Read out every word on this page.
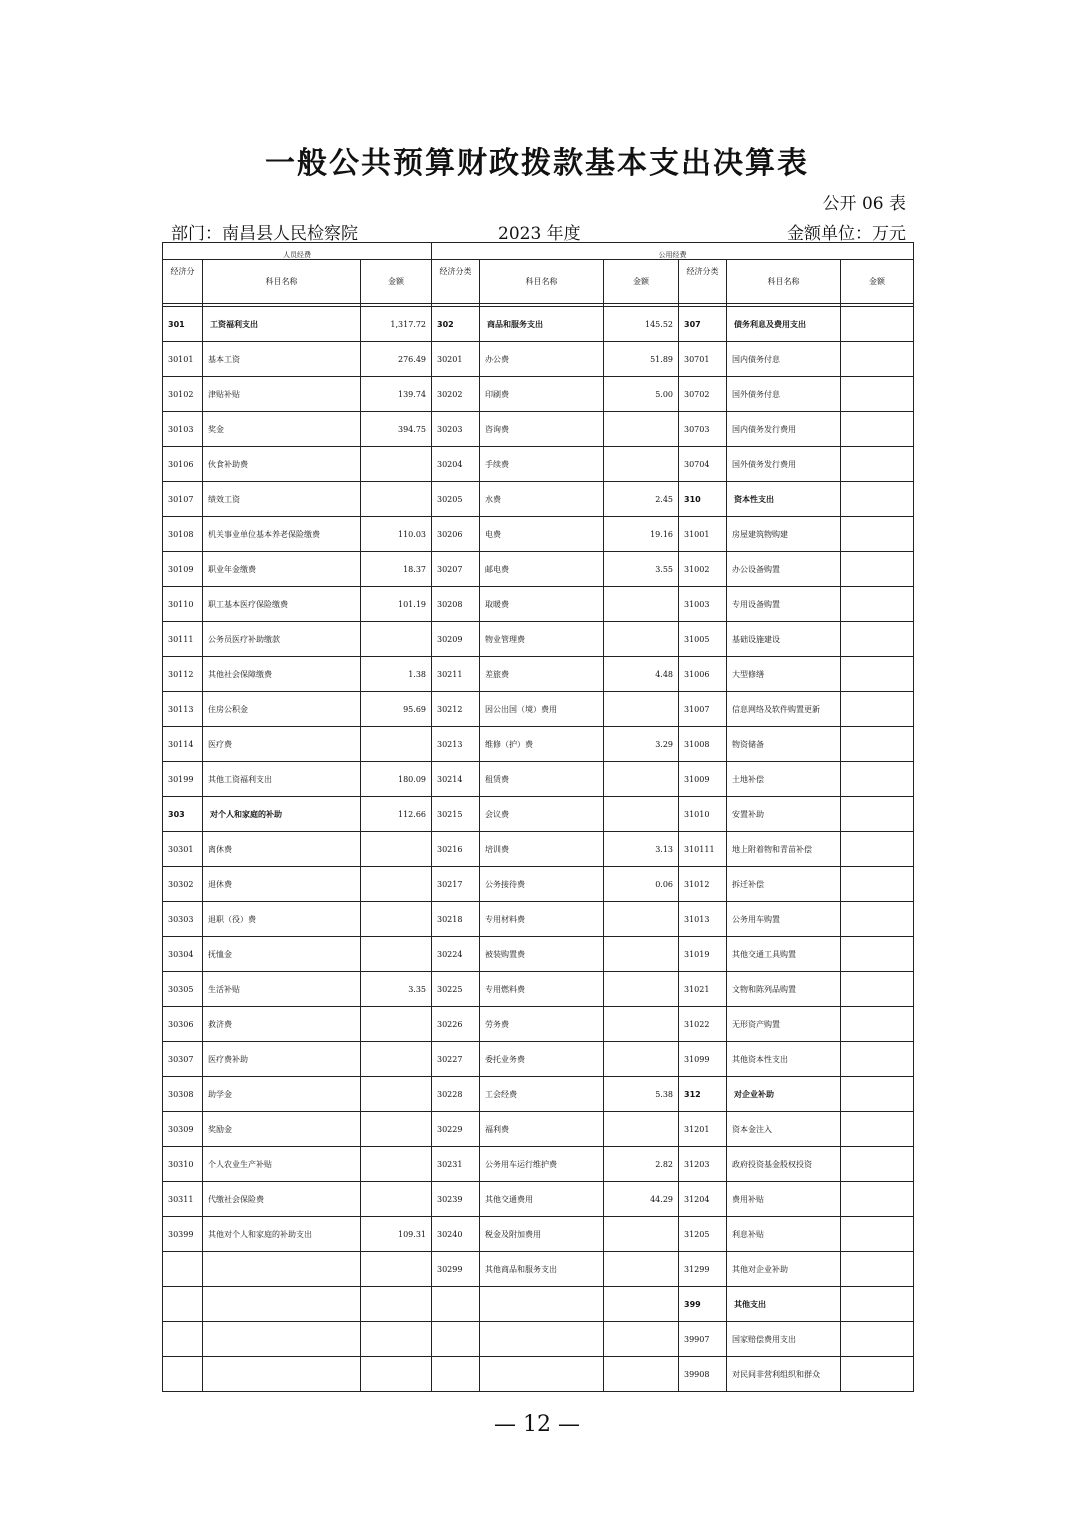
一般公共预算财政拨款基本支出决算表
公开 06 表
部门：南昌县人民检察院	2023 年度	金额单位：万元
人员经费			公用经费					
经济分	科目名称	金额	经济分类	科目名称	金额	经济分类	科目名称	金额

301	工资福利支出	1,317.72	302	商品和服务支出	145.52	307	债务利息及费用支出	
30101	基本工资	276.49	30201	办公费	51.89	30701	国内债务付息	
30102	津贴补贴	139.74	30202	印刷费	5.00	30702	国外债务付息	
30103	奖金	394.75	30203	咨询费		30703	国内债务发行费用	
30106	伙食补助费		30204	手续费		30704	国外债务发行费用	
30107	绩效工资		30205	水费	2.45	310	资本性支出	
30108	机关事业单位基本养老保险缴费	110.03	30206	电费	19.16	31001	房屋建筑物购建	
30109	职业年金缴费	18.37	30207	邮电费	3.55	31002	办公设备购置	
30110	职工基本医疗保险缴费	101.19	30208	取暖费		31003	专用设备购置	
30111	公务员医疗补助缴款		30209	物业管理费		31005	基础设施建设	
30112	其他社会保障缴费	1.38	30211	差旅费	4.48	31006	大型修缮	
30113	住房公积金	95.69	30212	因公出国（境）费用		31007	信息网络及软件购置更新	
30114	医疗费		30213	维修（护）费	3.29	31008	物资储备	
30199	其他工资福利支出	180.09	30214	租赁费		31009	土地补偿	
303	对个人和家庭的补助	112.66	30215	会议费		31010	安置补助	
30301	离休费		30216	培训费	3.13	310111	地上附着物和青苗补偿	
30302	退休费		30217	公务接待费	0.06	31012	拆迁补偿	
30303	退职（役）费		30218	专用材料费		31013	公务用车购置	
30304	抚恤金		30224	被装购置费		31019	其他交通工具购置	
30305	生活补贴	3.35	30225	专用燃料费		31021	文物和陈列品购置	
30306	救济费		30226	劳务费		31022	无形资产购置	
30307	医疗费补助		30227	委托业务费		31099	其他资本性支出	
30308	助学金		30228	工会经费	5.38	312	对企业补助	
30309	奖励金		30229	福利费		31201	资本金注入	
30310	个人农业生产补贴		30231	公务用车运行维护费	2.82	31203	政府投资基金股权投资	
30311	代缴社会保险费		30239	其他交通费用	44.29	31204	费用补贴	
30399	其他对个人和家庭的补助支出	109.31	30240	税金及附加费用		31205	利息补贴	
			30299	其他商品和服务支出		31299	其他对企业补助	
						399	其他支出	
						39907	国家赔偿费用支出	
						39908	对民间非营利组织和群众	
— 12 —
